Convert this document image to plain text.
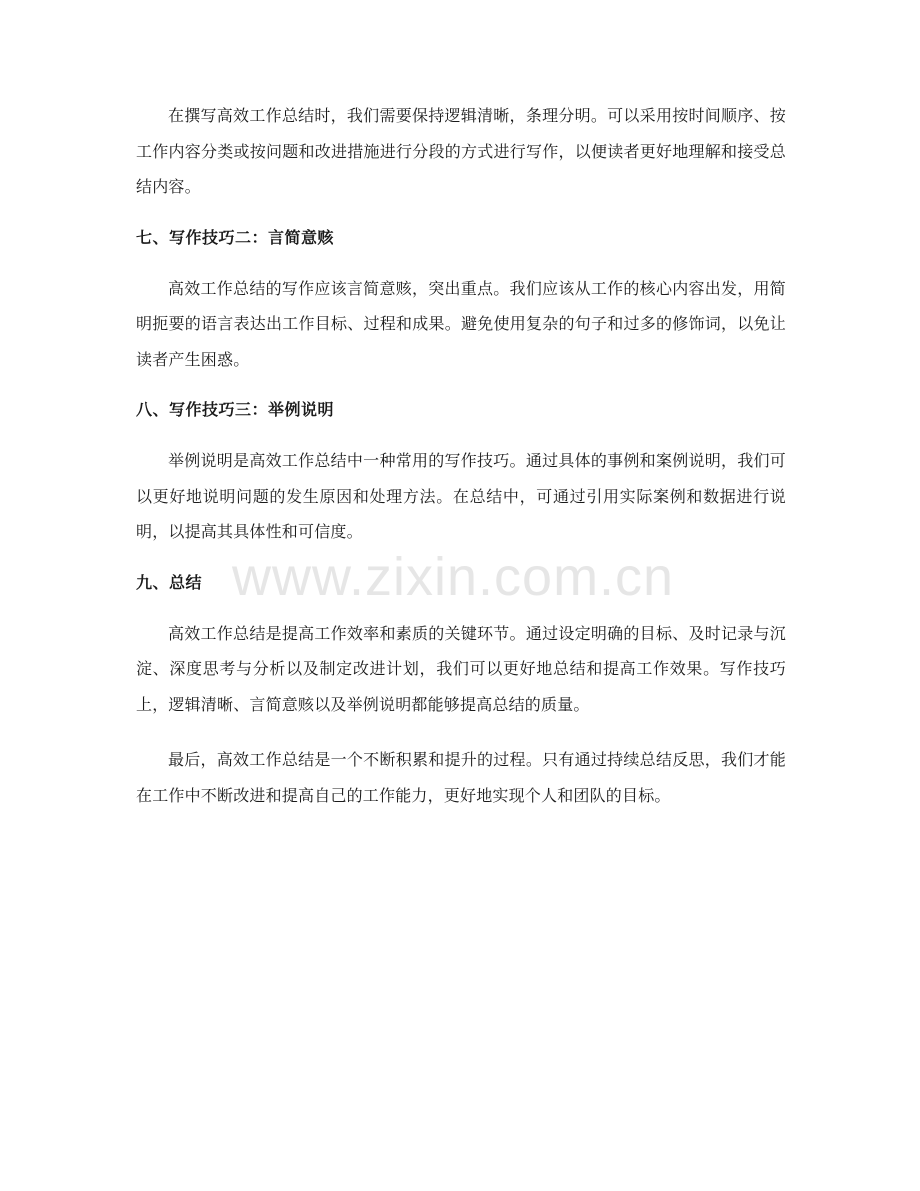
在撰写高效工作总结时，我们需要保持逻辑清晰，条理分明。可以采用按时间顺序、按工作内容分类或按问题和改进措施进行分段的方式进行写作，以便读者更好地理解和接受总结内容。

七、写作技巧二：言简意赅

高效工作总结的写作应该言简意赅，突出重点。我们应该从工作的核心内容出发，用简明扼要的语言表达出工作目标、过程和成果。避免使用复杂的句子和过多的修饰词，以免让读者产生困惑。

八、写作技巧三：举例说明

举例说明是高效工作总结中一种常用的写作技巧。通过具体的事例和案例说明，我们可以更好地说明问题的发生原因和处理方法。在总结中，可通过引用实际案例和数据进行说明，以提高其具体性和可信度。

九、总结

高效工作总结是提高工作效率和素质的关键环节。通过设定明确的目标、及时记录与沉淀、深度思考与分析以及制定改进计划，我们可以更好地总结和提高工作效果。写作技巧上，逻辑清晰、言简意赅以及举例说明都能够提高总结的质量。

最后，高效工作总结是一个不断积累和提升的过程。只有通过持续总结反思，我们才能在工作中不断改进和提高自己的工作能力，更好地实现个人和团队的目标。

www.zixin.com.cn
